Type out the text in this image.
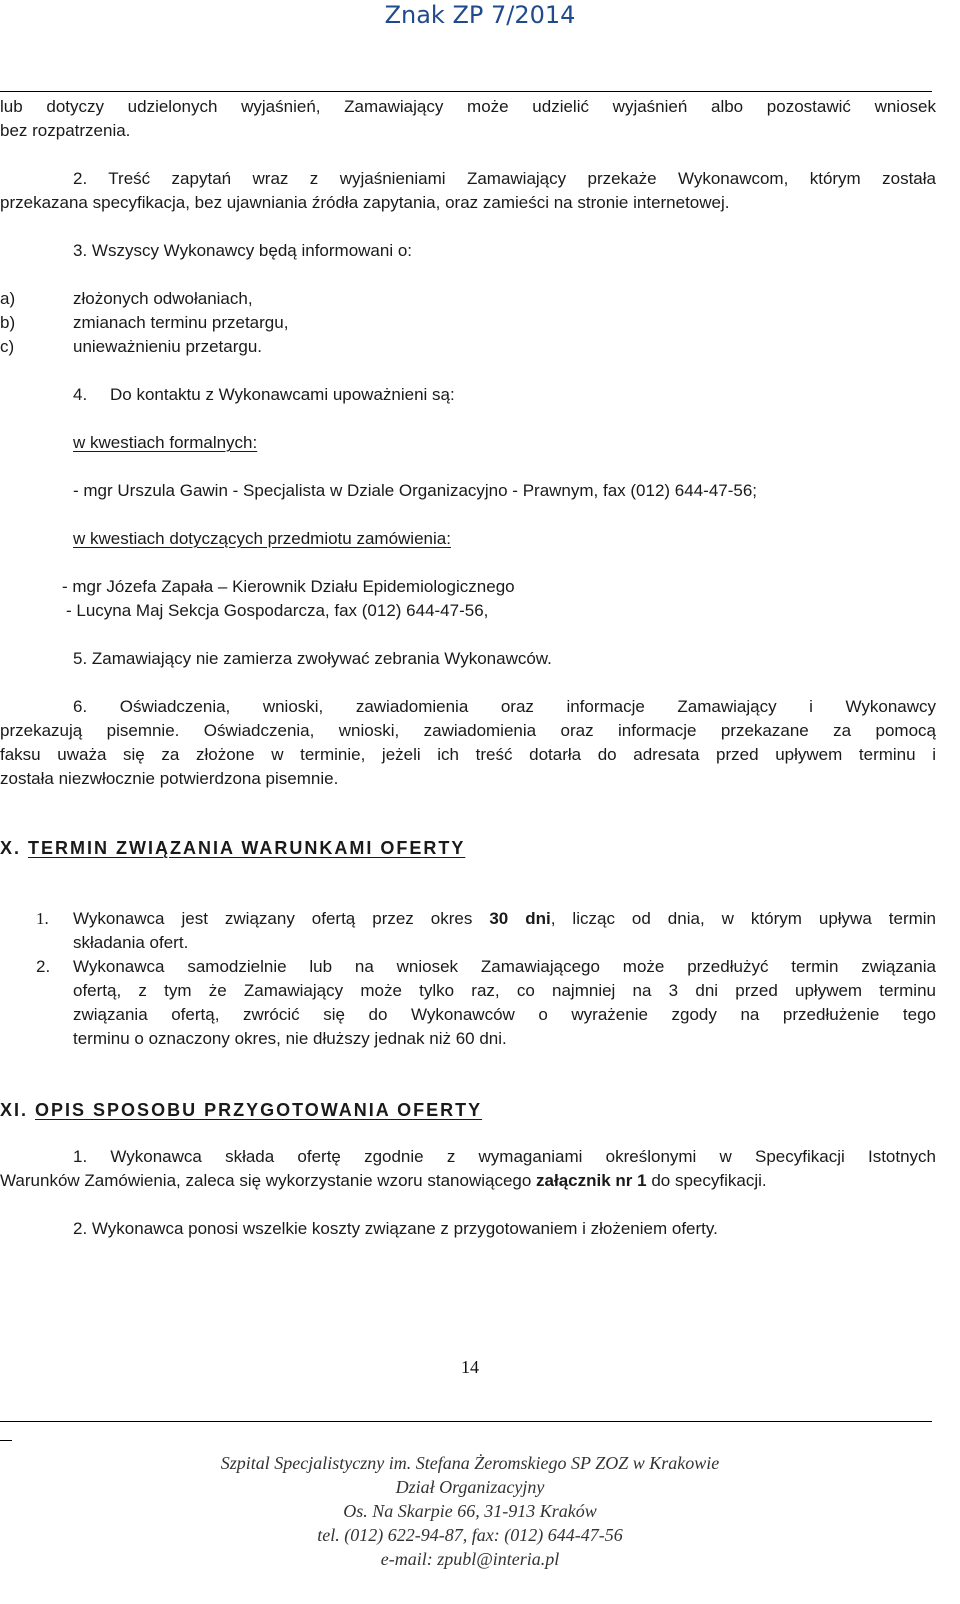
Znak ZP 7/2014
lub dotyczy udzielonych wyjaśnień, Zamawiający może udzielić wyjaśnień albo pozostawić wniosek
bez rozpatrzenia.
2. Treść zapytań wraz z wyjaśnieniami Zamawiający przekaże Wykonawcom, którym została
przekazana specyfikacja, bez ujawniania źródła zapytania, oraz zamieści na stronie internetowej.
3. Wszyscy Wykonawcy będą informowani o:
a)	złożonych odwołaniach,
b)	zmianach terminu przetargu,
c)	unieważnieniu przetargu.
4. Do kontaktu z Wykonawcami upoważnieni są:
w kwestiach formalnych:
- mgr Urszula Gawin - Specjalista w Dziale Organizacyjno - Prawnym, fax (012) 644-47-56;
w kwestiach dotyczących przedmiotu zamówienia:
- mgr Józefa Zapała – Kierownik Działu Epidemiologicznego
- Lucyna Maj Sekcja Gospodarcza, fax (012) 644-47-56,
5. Zamawiający nie zamierza zwoływać zebrania Wykonawców.
6. Oświadczenia, wnioski, zawiadomienia oraz informacje Zamawiający i Wykonawcy
przekazują pisemnie. Oświadczenia, wnioski, zawiadomienia oraz informacje przekazane za pomocą
faksu uważa się za złożone w terminie, jeżeli ich treść dotarła do adresata przed upływem terminu i
została niezwłocznie potwierdzona pisemnie.
X. TERMIN ZWIĄZANIA WARUNKAMI OFERTY
1. Wykonawca jest związany ofertą przez okres 30 dni, licząc od dnia, w którym upływa termin
składania ofert.
2. Wykonawca samodzielnie lub na wniosek Zamawiającego może przedłużyć termin związania
ofertą, z tym że Zamawiający może tylko raz, co najmniej na 3 dni przed upływem terminu
związania ofertą, zwrócić się do Wykonawców o wyrażenie zgody na przedłużenie tego
terminu o oznaczony okres, nie dłuższy jednak niż 60 dni.
XI. OPIS SPOSOBU PRZYGOTOWANIA OFERTY
1. Wykonawca składa ofertę zgodnie z wymaganiami określonymi w Specyfikacji Istotnych
Warunków Zamówienia, zaleca się wykorzystanie wzoru stanowiącego załącznik nr 1 do specyfikacji.
2. Wykonawca ponosi wszelkie koszty związane z przygotowaniem i złożeniem oferty.
14
Szpital Specjalistyczny im. Stefana Żeromskiego SP ZOZ w Krakowie
Dział Organizacyjny
Os. Na Skarpie 66, 31-913 Kraków
tel. (012) 622-94-87, fax: (012) 644-47-56
e-mail: zpubl@interia.pl
